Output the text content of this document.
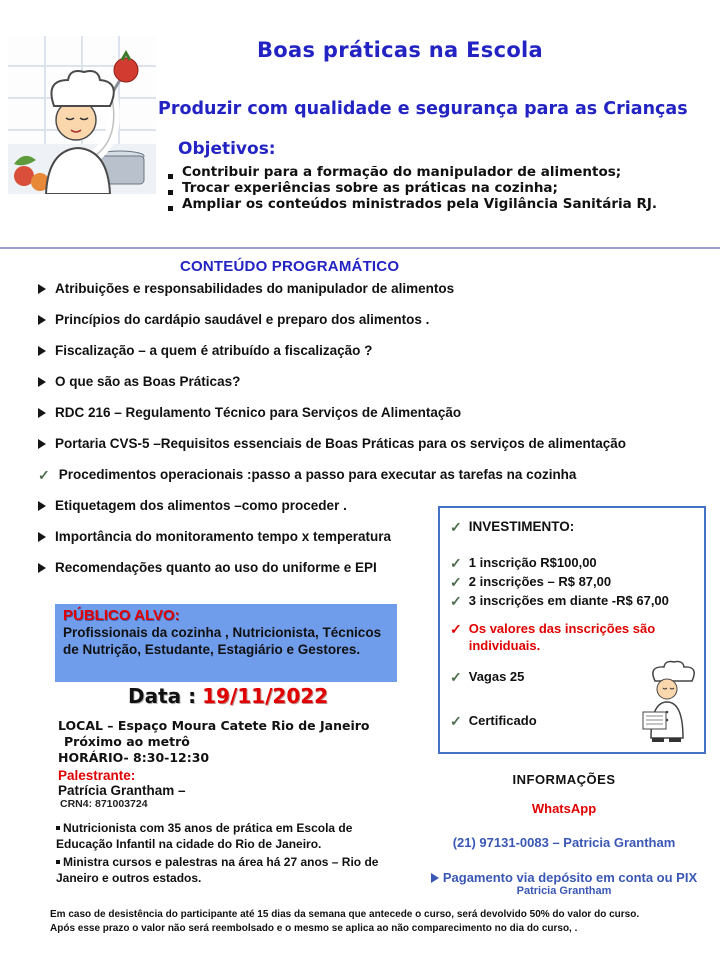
Boas práticas na Escola
Produzir com qualidade e segurança para as Crianças
Objetivos:
Contribuir para a formação do manipulador de alimentos;
Trocar experiências sobre as práticas na cozinha;
Ampliar os conteúdos ministrados pela Vigilância Sanitária RJ.
CONTEÚDO PROGRAMÁTICO
Atribuições e responsabilidades do manipulador de alimentos
Princípios do cardápio saudável e preparo dos alimentos .
Fiscalização – a quem é atribuído a fiscalização ?
O que são as Boas Práticas?
RDC 216 – Regulamento Técnico para Serviços de Alimentação
Portaria CVS-5 –Requisitos essenciais de Boas Práticas para os serviços de alimentação
✓ Procedimentos operacionais :passo a passo para executar as tarefas na cozinha
Etiquetagem dos alimentos –como proceder .
Importância do monitoramento tempo x temperatura
Recomendações quanto ao uso do uniforme e EPI
✓ INVESTIMENTO:
✓ 1 inscrição R$100,00
✓ 2 inscrições – R$ 87,00
✓ 3 inscrições em diante -R$ 67,00
✓ Os valores das inscrições são individuais.
✓ Vagas 25
✓ Certificado
PÚBLICO ALVO:
Profissionais da cozinha , Nutricionista, Técnicos de Nutrição, Estudante, Estagiário e Gestores.
Data : 19/11/2022
LOCAL – Espaço Moura Catete Rio de Janeiro
Próximo ao metrô
HORÁRIO- 8:30-12:30
Palestrante:
Patrícia Grantham –
CRN4: 871003724
Nutricionista com 35 anos de prática em Escola de Educação Infantil na cidade do Rio de Janeiro.
Ministra cursos e palestras na área há 27 anos – Rio de Janeiro e outros estados.
INFORMAÇÕES
WhatsApp
(21) 97131-0083 – Patricia Grantham
Pagamento via depósito em conta ou PIX
Patricia Grantham
Em caso de desistência do participante até 15 dias da semana que antecede o curso, será devolvido 50% do valor do curso.
Após esse prazo o valor não será reembolsado e o mesmo se aplica ao não comparecimento no dia do curso, .
